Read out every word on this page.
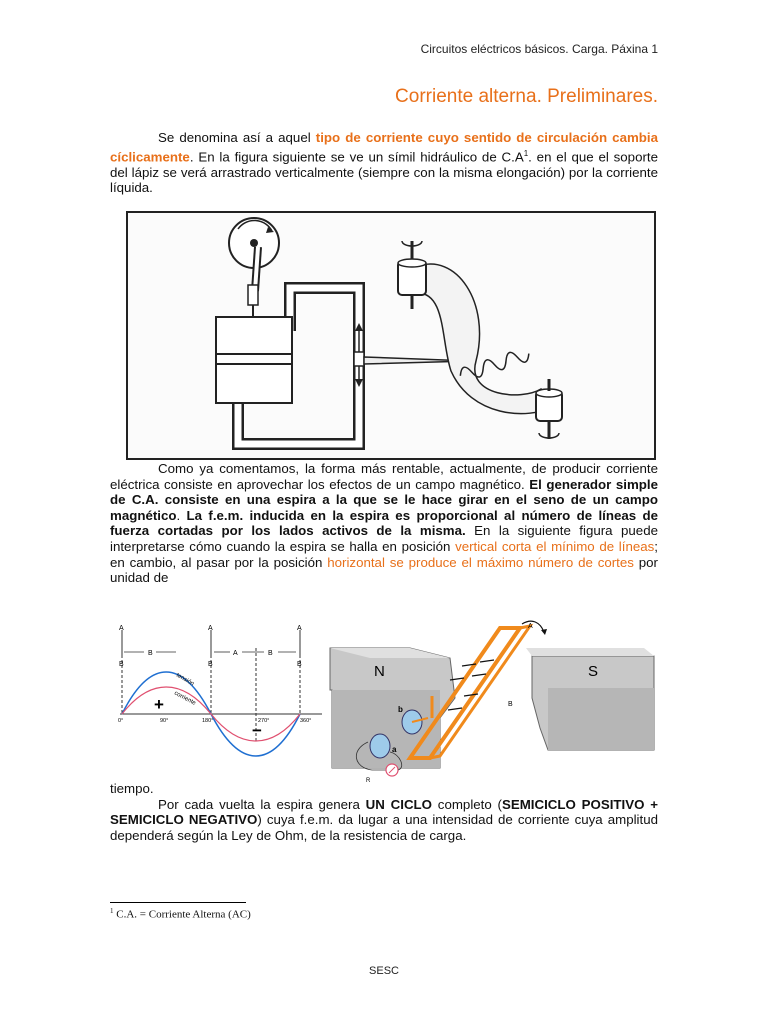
Circuitos eléctricos básicos. Carga. Páxina 1
Corriente alterna. Preliminares.
Se denomina así a aquel tipo de corriente cuyo sentido de circulación cambia cíclicamente. En la figura siguiente se ve un símil hidráulico de $C.A^1$. en el que el soporte del lápiz se verá arrastrado verticalmente (siempre con la misma elongación) por la corriente líquida.
Como ya comentamos, la forma más rentable, actualmente, de producir corriente eléctrica consiste en aprovechar los efectos de un campo magnético. El generador simple de C.A. consiste en una espira a la que se le hace girar en el seno de un campo magnético. La f.e.m. inducida en la espira es proporcional al número de líneas de fuerza cortadas por los lados activos de la misma. En la siguiente figura puede interpretarse cómo cuando la espira se halla en posición vertical corta el mínimo de líneas; en cambio, al pasar por la posición horizontal se produce el máximo número de cortes por unidad de
A
B
A
B
A
B
B	A	B
tensión
corriente
+
−
0°	90°	180°	270°	360°
N	S
A
B
b
a
R
tiempo.
Por cada vuelta la espira genera UN CICLO completo (SEMICICLO POSITIVO + SEMICICLO NEGATIVO) cuya f.e.m. da lugar a una intensidad de corriente cuya amplitud dependerá según la Ley de Ohm, de la resistencia de carga.
$^1$ C.A. = Corriente Alterna (AC)
SESC
